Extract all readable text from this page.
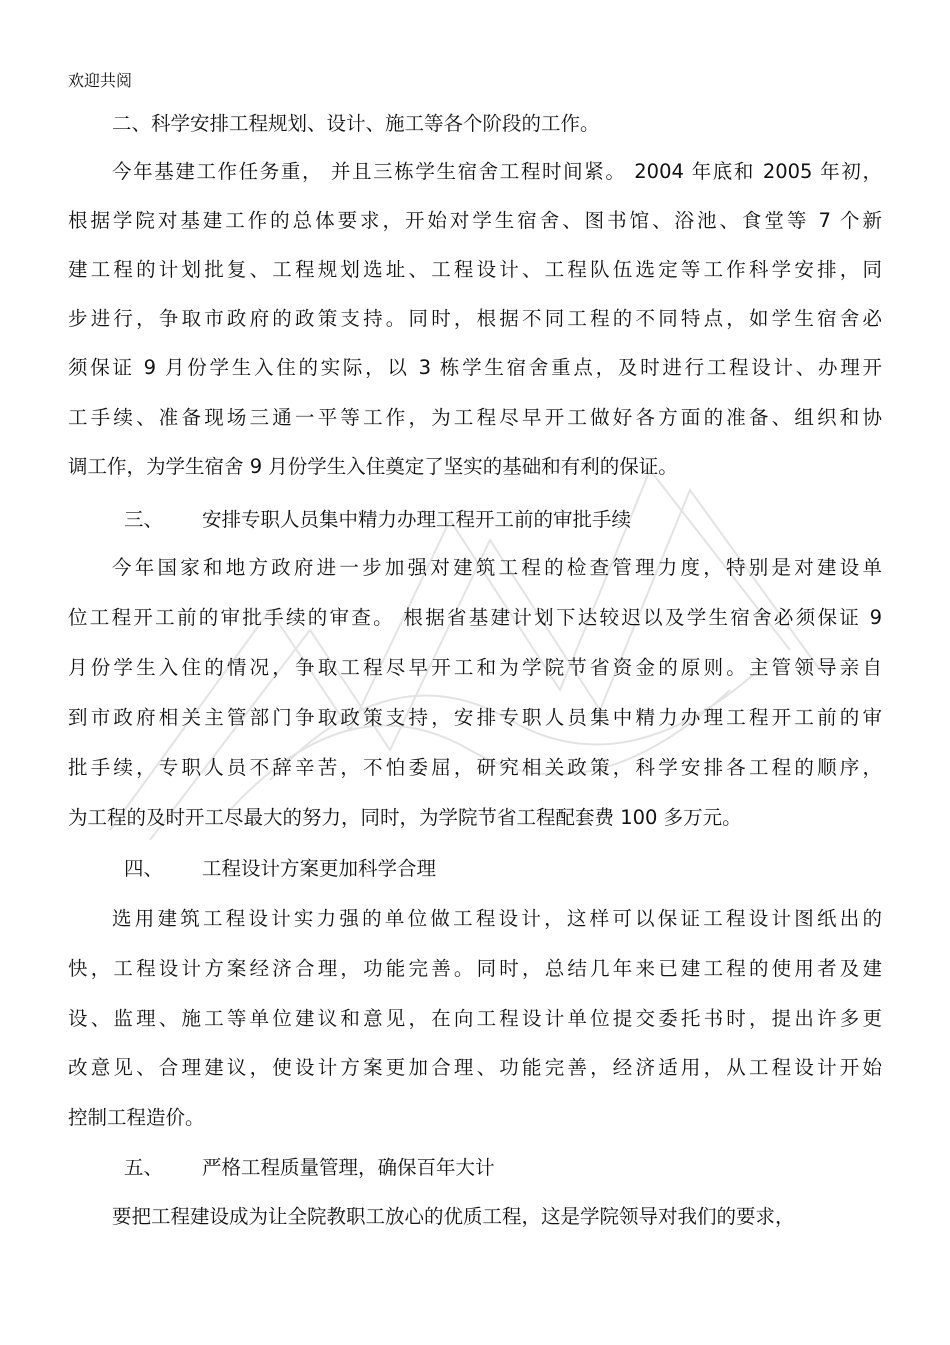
欢迎共阅
二、科学安排工程规划、设计、施工等各个阶段的工作。
今年基建工作任务重， 并且三栋学生宿舍工程时间紧。 2004 年底和 2005 年初，
根据学院对基建工作的总体要求，开始对学生宿舍、图书馆、浴池、食堂等 7 个新
建工程的计划批复、工程规划选址、工程设计、工程队伍选定等工作科学安排，同
步进行，争取市政府的政策支持。同时，根据不同工程的不同特点，如学生宿舍必
须保证 9 月份学生入住的实际，以 3 栋学生宿舍重点，及时进行工程设计、办理开
工手续、准备现场三通一平等工作，为工程尽早开工做好各方面的准备、组织和协
调工作，为学生宿舍 9 月份学生入住奠定了坚实的基础和有利的保证。
三、 安排专职人员集中精力办理工程开工前的审批手续
今年国家和地方政府进一步加强对建筑工程的检查管理力度，特别是对建设单
位工程开工前的审批手续的审查。 根据省基建计划下达较迟以及学生宿舍必须保证 9
月份学生入住的情况，争取工程尽早开工和为学院节省资金的原则。主管领导亲自
到市政府相关主管部门争取政策支持，安排专职人员集中精力办理工程开工前的审
批手续，专职人员不辞辛苦，不怕委屈，研究相关政策，科学安排各工程的顺序，
为工程的及时开工尽最大的努力，同时，为学院节省工程配套费 100 多万元。
四、 工程设计方案更加科学合理
选用建筑工程设计实力强的单位做工程设计，这样可以保证工程设计图纸出的
快，工程设计方案经济合理，功能完善。同时，总结几年来已建工程的使用者及建
设、监理、施工等单位建议和意见，在向工程设计单位提交委托书时，提出许多更
改意见、合理建议，使设计方案更加合理、功能完善，经济适用，从工程设计开始
控制工程造价。
五、 严格工程质量管理，确保百年大计
要把工程建设成为让全院教职工放心的优质工程，这是学院领导对我们的要求，
